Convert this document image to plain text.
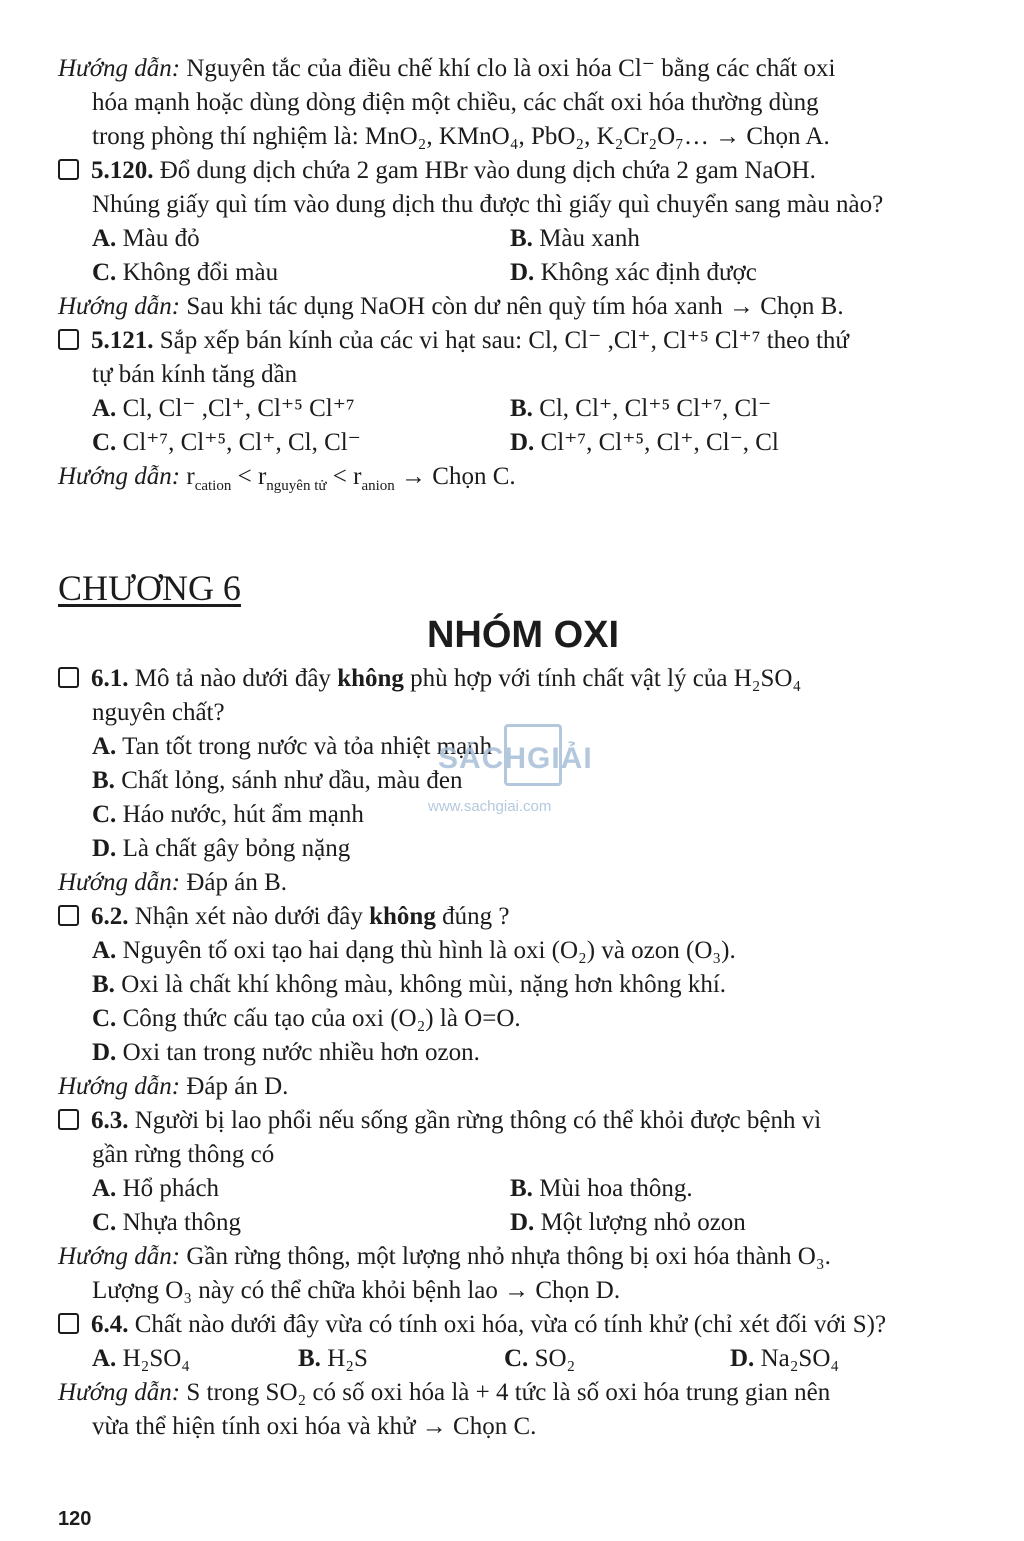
Hướng dẫn: Nguyên tắc của điều chế khí clo là oxi hóa Cl⁻ bằng các chất oxi
hóa mạnh hoặc dùng dòng điện một chiều, các chất oxi hóa thường dùng
trong phòng thí nghiệm là: MnO₂, KMnO₄, PbO₂, K₂Cr₂O₇… → Chọn A.
5.120. Đổ dung dịch chứa 2 gam HBr vào dung dịch chứa 2 gam NaOH.
Nhúng giấy quì tím vào dung dịch thu được thì giấy quì chuyển sang màu nào?
A. Màu đỏ	B. Màu xanh
C. Không đổi màu	D. Không xác định được
Hướng dẫn: Sau khi tác dụng NaOH còn dư nên quỳ tím hóa xanh → Chọn B.
5.121. Sắp xếp bán kính của các vi hạt sau: Cl, Cl⁻ ,Cl⁺, Cl⁺⁵ Cl⁺⁷ theo thứ
tự bán kính tăng dần
A. Cl, Cl⁻ ,Cl⁺, Cl⁺⁵ Cl⁺⁷	B. Cl, Cl⁺, Cl⁺⁵ Cl⁺⁷, Cl⁻
C. Cl⁺⁷, Cl⁺⁵, Cl⁺, Cl, Cl⁻	D. Cl⁺⁷, Cl⁺⁵, Cl⁺, Cl⁻, Cl
Hướng dẫn: $r_{cation} < r_{nguyên tử} < r_{anion}$ → Chọn C.
CHƯƠNG 6
NHÓM OXI
6.1. Mô tả nào dưới đây không phù hợp với tính chất vật lý của H₂SO₄
nguyên chất?
A. Tan tốt trong nước và tỏa nhiệt mạnh
B. Chất lỏng, sánh như dầu, màu đen
C. Háo nước, hút ẩm mạnh
D. Là chất gây bỏng nặng
Hướng dẫn: Đáp án B.
6.2. Nhận xét nào dưới đây không đúng ?
A. Nguyên tố oxi tạo hai dạng thù hình là oxi (O₂) và ozon (O₃).
B. Oxi là chất khí không màu, không mùi, nặng hơn không khí.
C. Công thức cấu tạo của oxi (O₂) là O=O.
D. Oxi tan trong nước nhiều hơn ozon.
Hướng dẫn: Đáp án D.
6.3. Người bị lao phổi nếu sống gần rừng thông có thể khỏi được bệnh vì
gần rừng thông có
A. Hổ phách	B. Mùi hoa thông.
C. Nhựa thông	D. Một lượng nhỏ ozon
Hướng dẫn: Gần rừng thông, một lượng nhỏ nhựa thông bị oxi hóa thành O₃.
Lượng O₃ này có thể chữa khỏi bệnh lao → Chọn D.
6.4. Chất nào dưới đây vừa có tính oxi hóa, vừa có tính khử (chỉ xét đối với S)?
A. H₂SO₄	B. H₂S	C. SO₂	D. Na₂SO₄
Hướng dẫn: S trong SO₂ có số oxi hóa là + 4 tức là số oxi hóa trung gian nên
vừa thể hiện tính oxi hóa và khử → Chọn C.
SÁCHGIẢI
www.sachgiai.com
120
